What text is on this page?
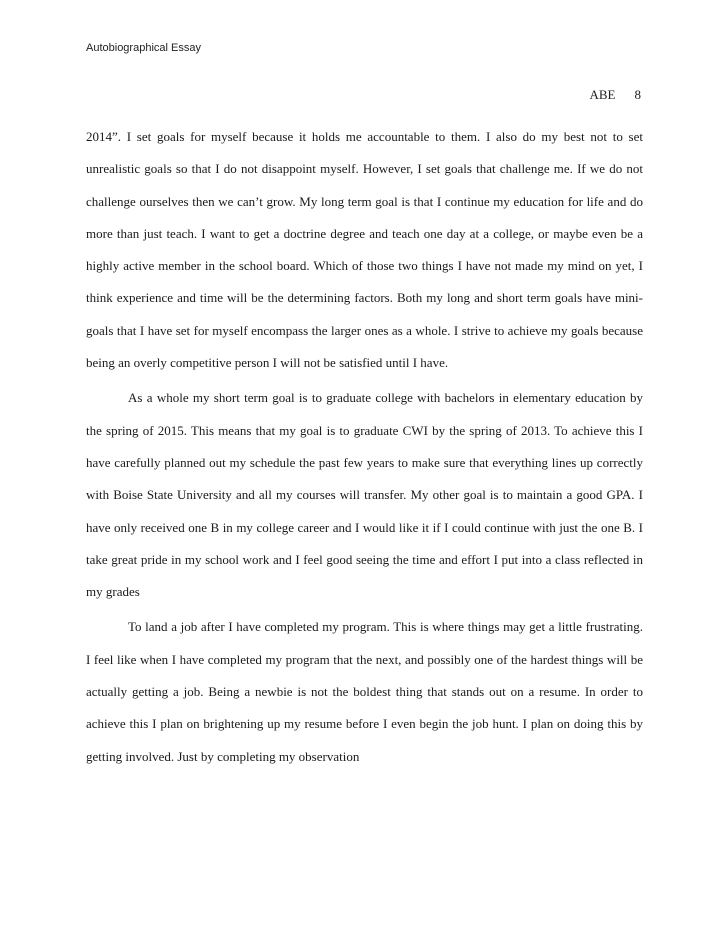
Autobiographical Essay
ABE 8

2014”. I set goals for myself because it holds me accountable to them. I also do my best not to set unrealistic goals so that I do not disappoint myself. However, I set goals that challenge me. If we do not challenge ourselves then we can’t grow. My long term goal is that I continue my education for life and do more than just teach. I want to get a doctrine degree and teach one day at a college, or maybe even be a highly active member in the school board. Which of those two things I have not made my mind on yet, I think experience and time will be the determining factors. Both my long and short term goals have mini-goals that I have set for myself encompass the larger ones as a whole. I strive to achieve my goals because being an overly competitive person I will not be satisfied until I have.

As a whole my short term goal is to graduate college with bachelors in elementary education by the spring of 2015. This means that my goal is to graduate CWI by the spring of 2013. To achieve this I have carefully planned out my schedule the past few years to make sure that everything lines up correctly with Boise State University and all my courses will transfer. My other goal is to maintain a good GPA. I have only received one B in my college career and I would like it if I could continue with just the one B. I take great pride in my school work and I feel good seeing the time and effort I put into a class reflected in my grades

To land a job after I have completed my program. This is where things may get a little frustrating. I feel like when I have completed my program that the next, and possibly one of the hardest things will be actually getting a job. Being a newbie is not the boldest thing that stands out on a resume. In order to achieve this I plan on brightening up my resume before I even begin the job hunt. I plan on doing this by getting involved. Just by completing my observation
